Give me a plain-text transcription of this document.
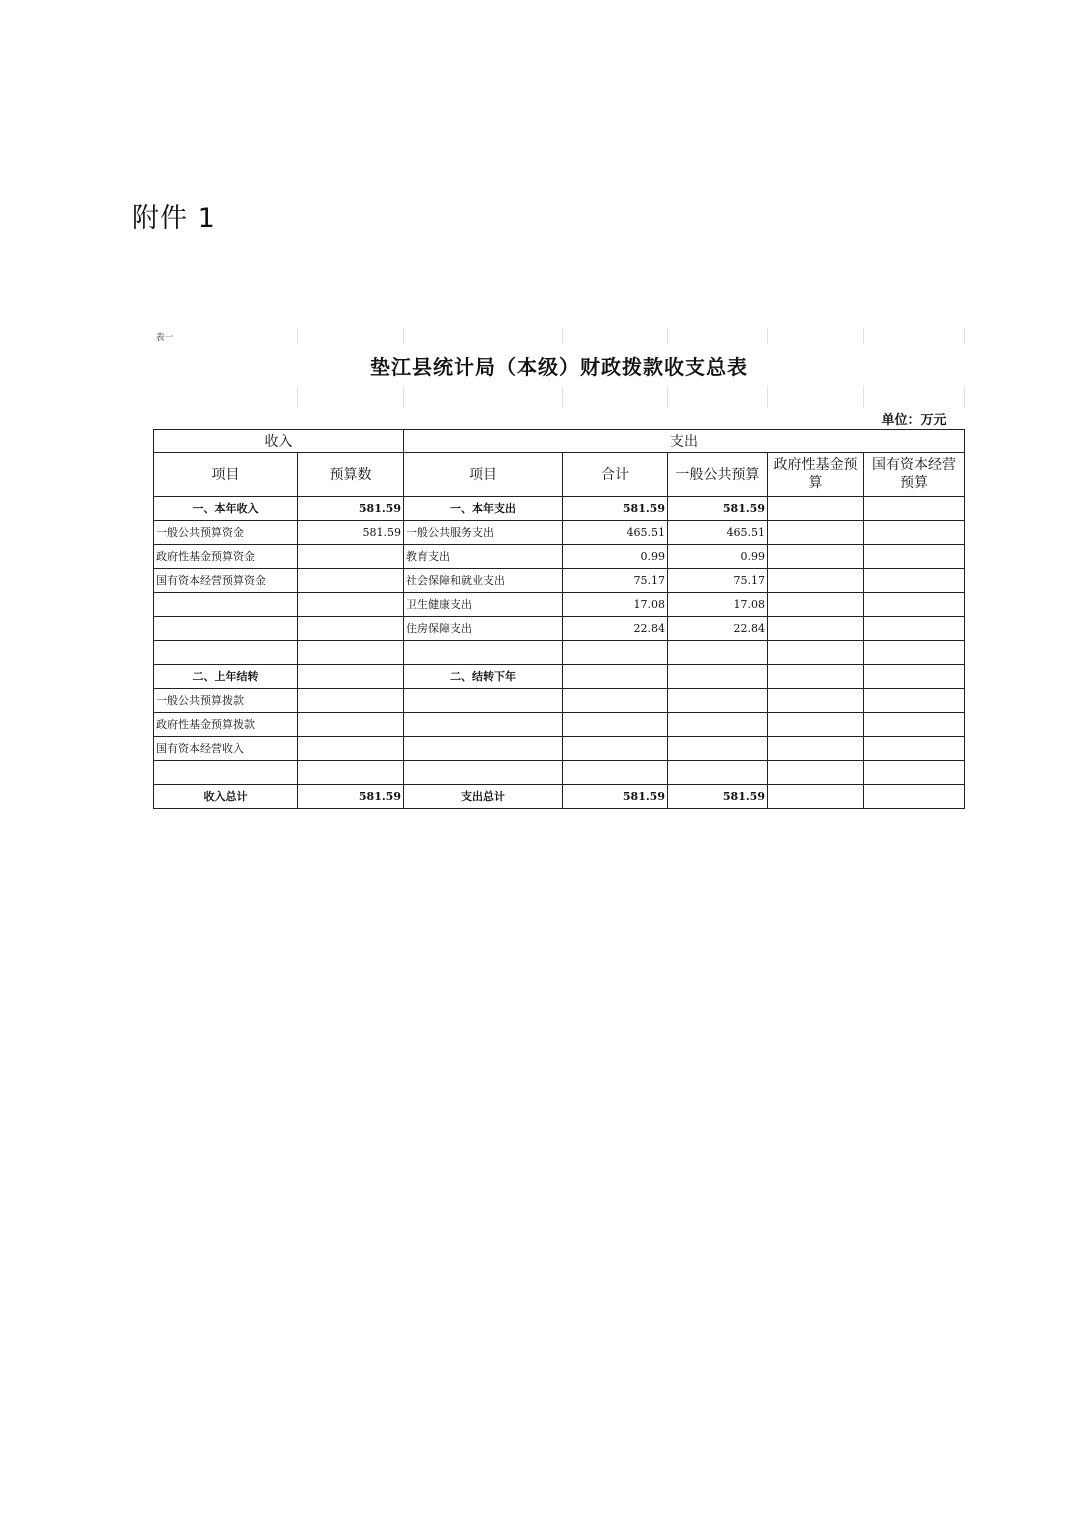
附件 1
表一						
垫江县统计局（本级）财政拨款收支总表						

单位：万元						
收入		支出				
项目	预算数	项目	合计	一般公共预算	政府性基金预算	国有资本经营预算
一、本年收入	581.59	一、本年支出	581.59	581.59		
一般公共预算资金	581.59	一般公共服务支出	465.51	465.51		
政府性基金预算资金		教育支出	0.99	0.99		
国有资本经营预算资金		社会保障和就业支出	75.17	75.17		
		卫生健康支出	17.08	17.08		
		住房保障支出	22.84	22.84		

二、上年结转		二、结转下年				
一般公共预算拨款						
政府性基金预算拨款						
国有资本经营收入						

收入总计	581.59	支出总计	581.59	581.59		
